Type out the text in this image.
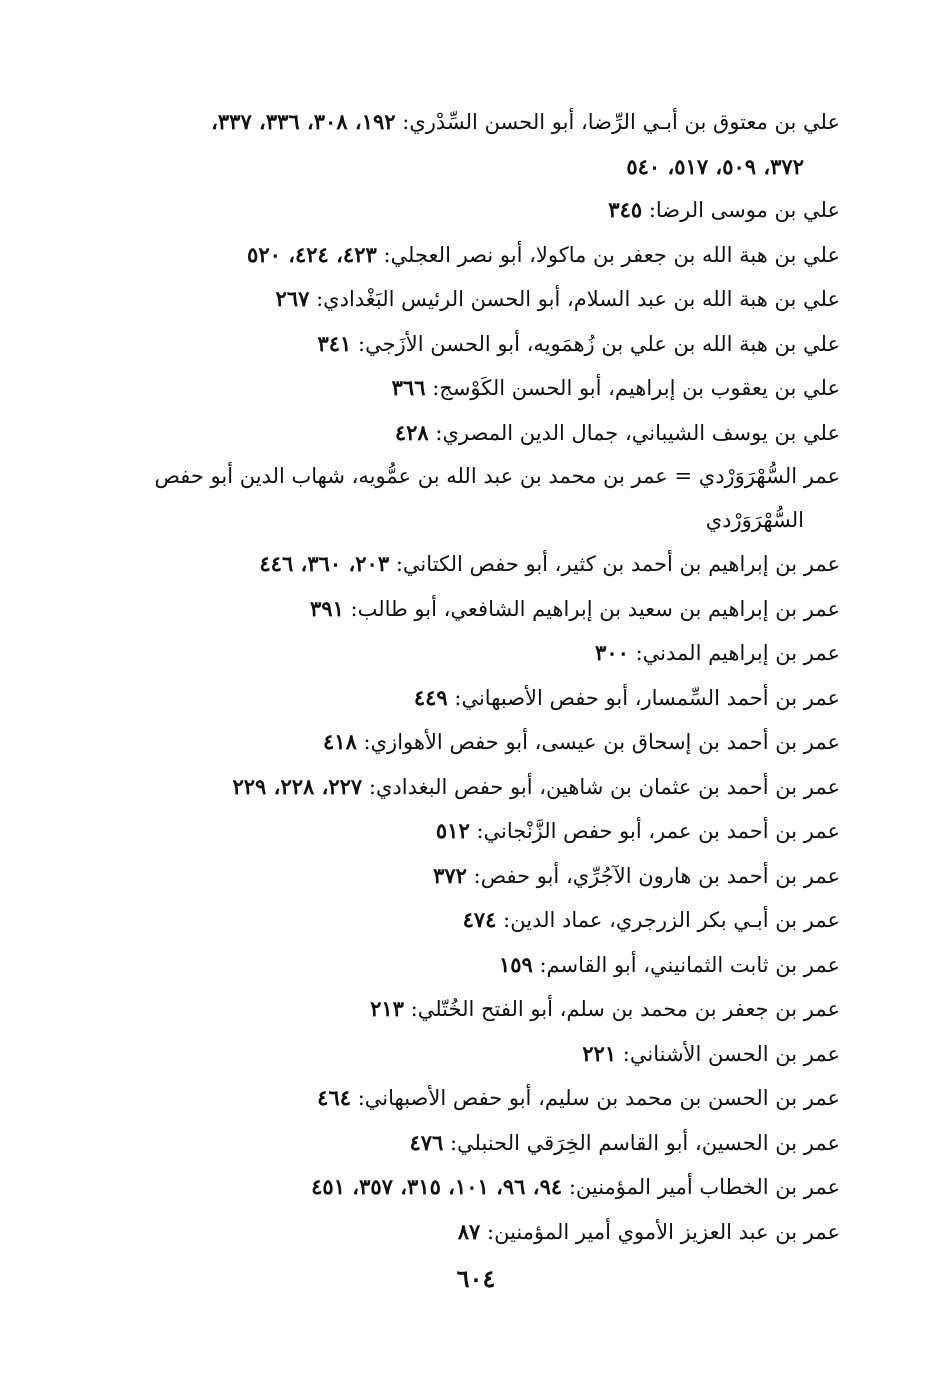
علي بن معتوق بن أبـي الرِّضا، أبو الحسن السِّدْري: ١٩٢، ٣٠٨، ٣٣٦، ٣٣٧،
٣٧٢، ٥٠٩، ٥١٧، ٥٤٠

علي بن موسى الرضا: ٣٤٥

علي بن هبة الله بن جعفر بن ماكولا، أبو نصر العجلي: ٤٢٣، ٤٢٤، ٥٢٠

علي بن هبة الله بن عبد السلام، أبو الحسن الرئيس البَغْدادي: ٢٦٧

علي بن هبة الله بن علي بن زُهمَويه، أبو الحسن الأزَجي: ٣٤١

علي بن يعقوب بن إبراهيم، أبو الحسن الكَوْسج: ٣٦٦

علي بن يوسف الشيباني، جمال الدين المصري: ٤٢٨

عمر السُّهْرَوَرْدي = عمر بن محمد بن عبد الله بن عمُّويه، شهاب الدين أبو حفص
السُّهْرَوَرْدي

عمر بن إبراهيم بن أحمد بن كثير، أبو حفص الكتاني: ٢٠٣، ٣٦٠، ٤٤٦

عمر بن إبراهيم بن سعيد بن إبراهيم الشافعي، أبو طالب: ٣٩١

عمر بن إبراهيم المدني: ٣٠٠

عمر بن أحمد السِّمسار، أبو حفص الأصبهاني: ٤٤٩

عمر بن أحمد بن إسحاق بن عيسى، أبو حفص الأهوازي: ٤١٨

عمر بن أحمد بن عثمان بن شاهين، أبو حفص البغدادي: ٢٢٧، ٢٢٨، ٢٢٩

عمر بن أحمد بن عمر، أبو حفص الزَّنْجاني: ٥١٢

عمر بن أحمد بن هارون الآجُرِّي، أبو حفص: ٣٧٢

عمر بن أبـي بكر الزرجري، عماد الدين: ٤٧٤

عمر بن ثابت الثمانيني، أبو القاسم: ١٥٩

عمر بن جعفر بن محمد بن سلم، أبو الفتح الخُتّلي: ٢١٣

عمر بن الحسن الأشناني: ٢٢١

عمر بن الحسن بن محمد بن سليم، أبو حفص الأصبهاني: ٤٦٤

عمر بن الحسين، أبو القاسم الخِرَقي الحنبلي: ٤٧٦

عمر بن الخطاب أمير المؤمنين: ٩٤، ٩٦، ١٠١، ٣١٥، ٣٥٧، ٤٥١

عمر بن عبد العزيز الأموي أمير المؤمنين: ٨٧

٦٠٤
